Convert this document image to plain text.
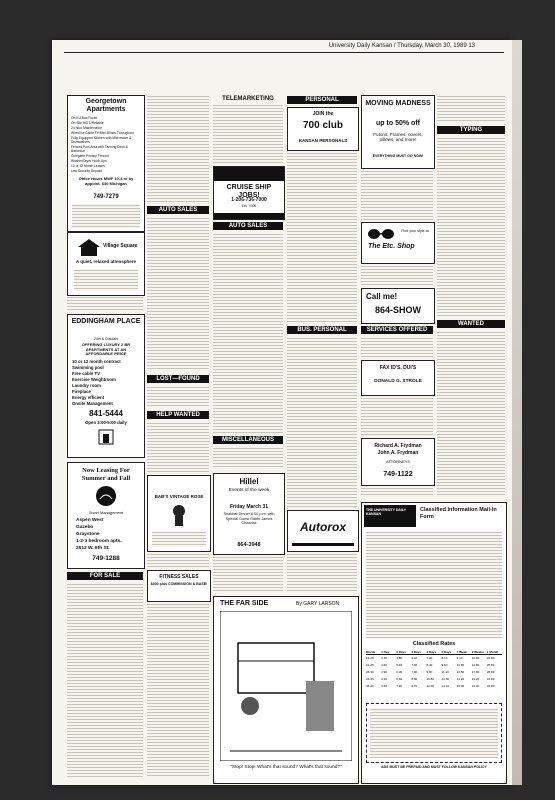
University Daily Kansan / Thursday, March 30, 1989 13
Georgetown Apartments
On KU Bus Route
On Site MGT./Reliable
24 hour Maintenance
Wired for Cable TV/Mini-Blinds Throughout
Fully Equipped Kitchen with Microwave & Dishwashers
Fenced Pool Area with Tanning Deck & Barbecue
Complete Privacy Fenced
Washer/Dryer Hook-Ups
10 or 12 Month Leases
Low Security Deposit
Office Hours MWF 10-4 or by appoint. 630 Michigan
749-7279
Village Square
A quiet, relaxed atmosphere
EDDINGHAM PLACE
24th & Ousdahl
OFFERING LUXURY 2 BR APARTMENTS AT AN AFFORDABLE PRICE
10 or 12 month contract
Swimming pool
Free cable TV
Exercise Weightroom
Laundry room
Fireplace
Energy efficient
Onsite Management
841-5444
Open 3:00-5:00 daily
Now Leasing For Summer and Fall
Swan Management
Aspen West
Gazebo
Graystone
1-2-3 bedroom apts.
2512 W. 6th St.
749-1288
FOR SALE
AUTO SALES
LOST—FOUND
HELP WANTED
BAB'S VINTAGE ROSE
FITNESS SALES
$400 plus COMMISSION & BASE!
TELEMARKETING
CRUISE SHIP JOBS!
1-206-736-7000
Ext. 7006
AUTO SALES
MISCELLANEOUS
Hillel
Events of the week
Friday March 31
Shabbat Dinner 6:00 p.m. with Special Guest Rabbi James Chasdak
864-3948
PERSONAL
JOIN the
700 club
KANSAN PERSONALS
BUS. PERSONAL
Autorox
MOVING MADNESS
up to 50% off
Futons, Frames, covers, pillows, and more!
EVERYTHING MUST GO NOW!
Find your style at
The Etc. Shop
Call me!
864-SHOW
SERVICES OFFERED
FAX ID'S, DUI'S
DONALD G. STROLE
Richard A. Frydman
John A. Frydman
ATTORNEYS
749-1122
TYPING
WANTED
THE FAR SIDE	By GARY LARSON
"Stop! Stop! What's that sound? What's that sound?"
THE UNIVERSITY DAILY KANSAN
Classified Information Mail-In Form
Classified Rates
Words	1 Day	2 Days	3 Days	4 Days	5 Days	1 Week	2 Weeks	1 Month
16-20	3.30	4.80	6.10	7.20	8.10	9.10	12.60	22.80
21-25	3.60	5.40	7.00	8.40	9.60	10.80	14.80	25.80
26-30	3.90	6.00	7.90	9.60	11.10	12.50	17.00	28.80
31-35	4.20	6.60	8.80	10.80	12.60	14.20	19.20	31.80
36-40	4.50	7.20	9.70	12.00	14.10	15.90	21.40	34.80
ADS MUST BE PREPAID AND MUST FOLLOW KANSAN POLICY
